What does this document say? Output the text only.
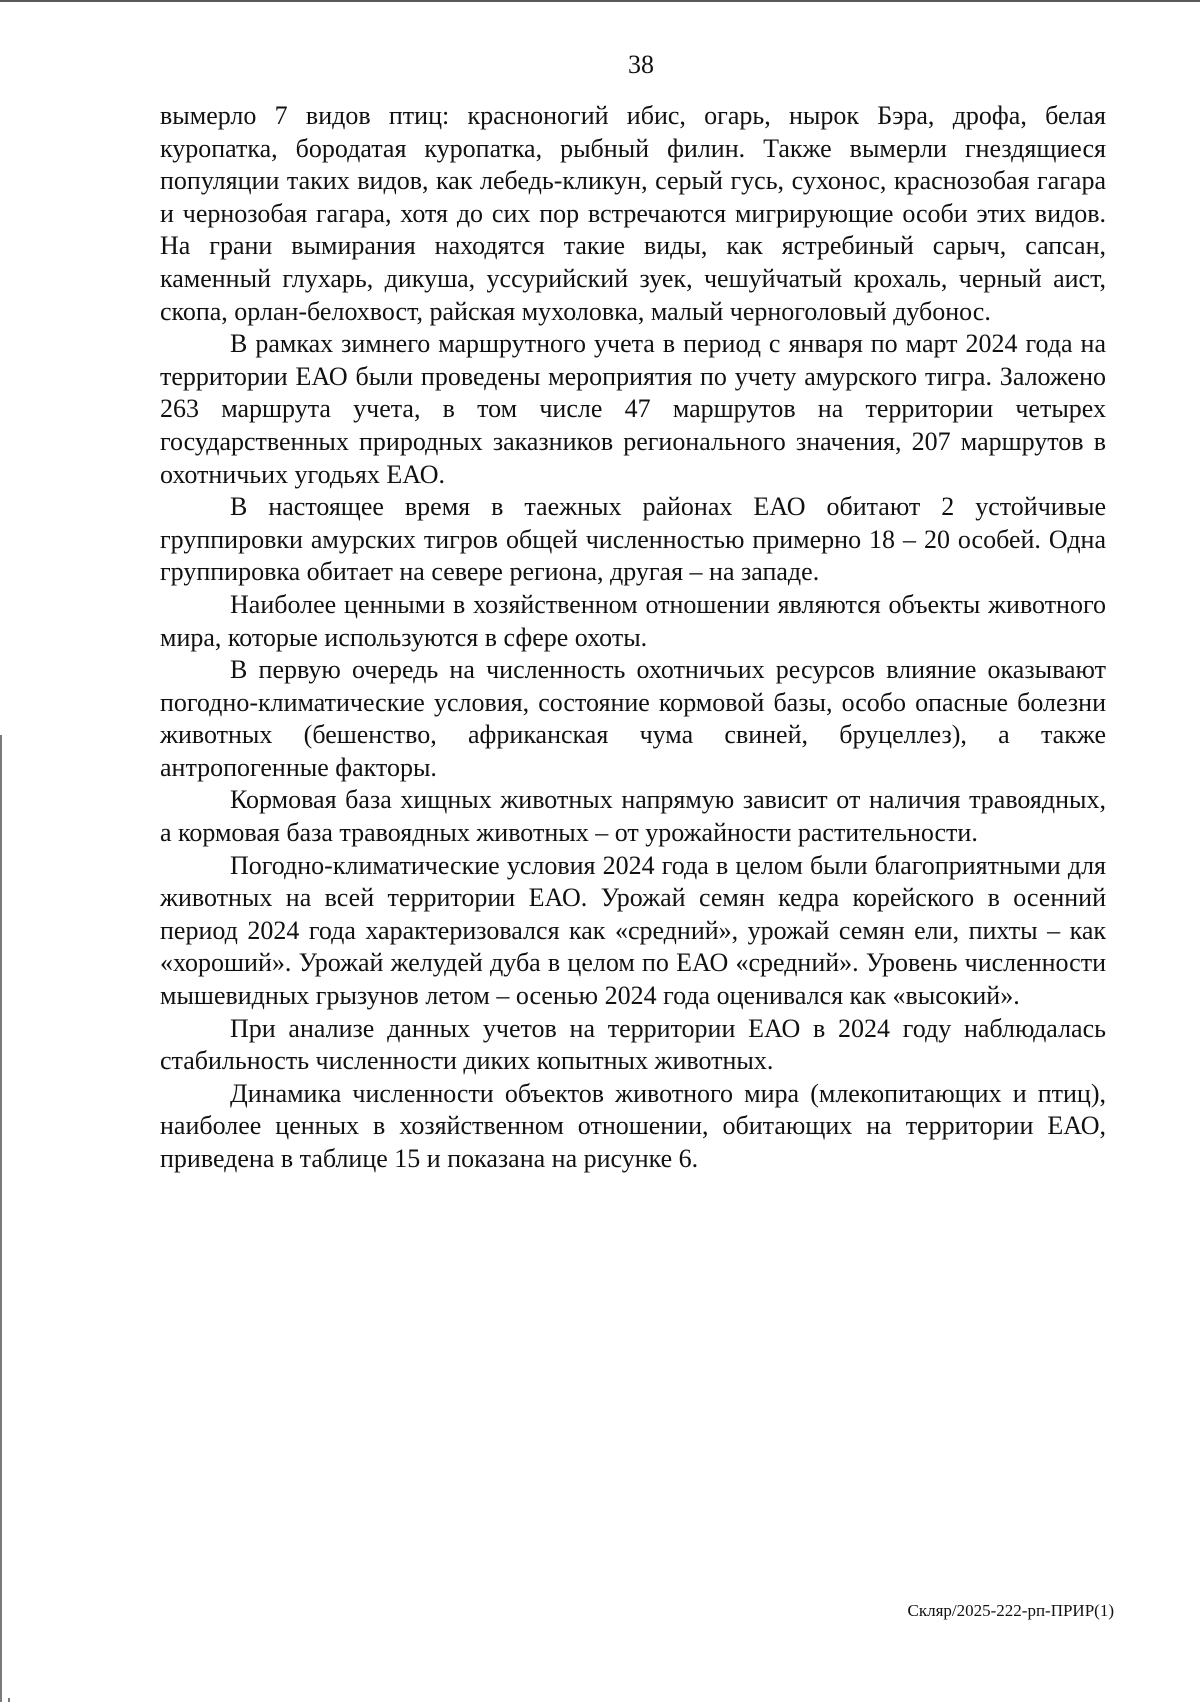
38

вымерло 7 видов птиц: красноногий ибис, огарь, нырок Бэра, дрофа, белая куропатка, бородатая куропатка, рыбный филин. Также вымерли гнездящиеся популяции таких видов, как лебедь-кликун, серый гусь, сухонос, краснозобая гагара и чернозобая гагара, хотя до сих пор встречаются мигрирующие особи этих видов. На грани вымирания находятся такие виды, как ястребиный сарыч, сапсан, каменный глухарь, дикуша, уссурийский зуек, чешуйчатый крохаль, черный аист, скопа, орлан-белохвост, райская мухоловка, малый черноголовый дубонос.

В рамках зимнего маршрутного учета в период с января по март 2024 года на территории ЕАО были проведены мероприятия по учету амурского тигра. Заложено 263 маршрута учета, в том числе 47 маршрутов на территории четырех государственных природных заказников регионального значения, 207 маршрутов в охотничьих угодьях ЕАО.

В настоящее время в таежных районах ЕАО обитают 2 устойчивые группировки амурских тигров общей численностью примерно 18 – 20 особей. Одна группировка обитает на севере региона, другая – на западе.

Наиболее ценными в хозяйственном отношении являются объекты животного мира, которые используются в сфере охоты.

В первую очередь на численность охотничьих ресурсов влияние оказывают погодно-климатические условия, состояние кормовой базы, особо опасные болезни животных (бешенство, африканская чума свиней, бруцеллез), а также антропогенные факторы.

Кормовая база хищных животных напрямую зависит от наличия травоядных, а кормовая база травоядных животных – от урожайности растительности.

Погодно-климатические условия 2024 года в целом были благоприятными для животных на всей территории ЕАО. Урожай семян кедра корейского в осенний период 2024 года характеризовался как «средний», урожай семян ели, пихты – как «хороший». Урожай желудей дуба в целом по ЕАО «средний». Уровень численности мышевидных грызунов летом – осенью 2024 года оценивался как «высокий».

При анализе данных учетов на территории ЕАО в 2024 году наблюдалась стабильность численности диких копытных животных.

Динамика численности объектов животного мира (млекопитающих и птиц), наиболее ценных в хозяйственном отношении, обитающих на территории ЕАО, приведена в таблице 15 и показана на рисунке 6.

Скляр/2025-222-рп-ПРИР(1)
